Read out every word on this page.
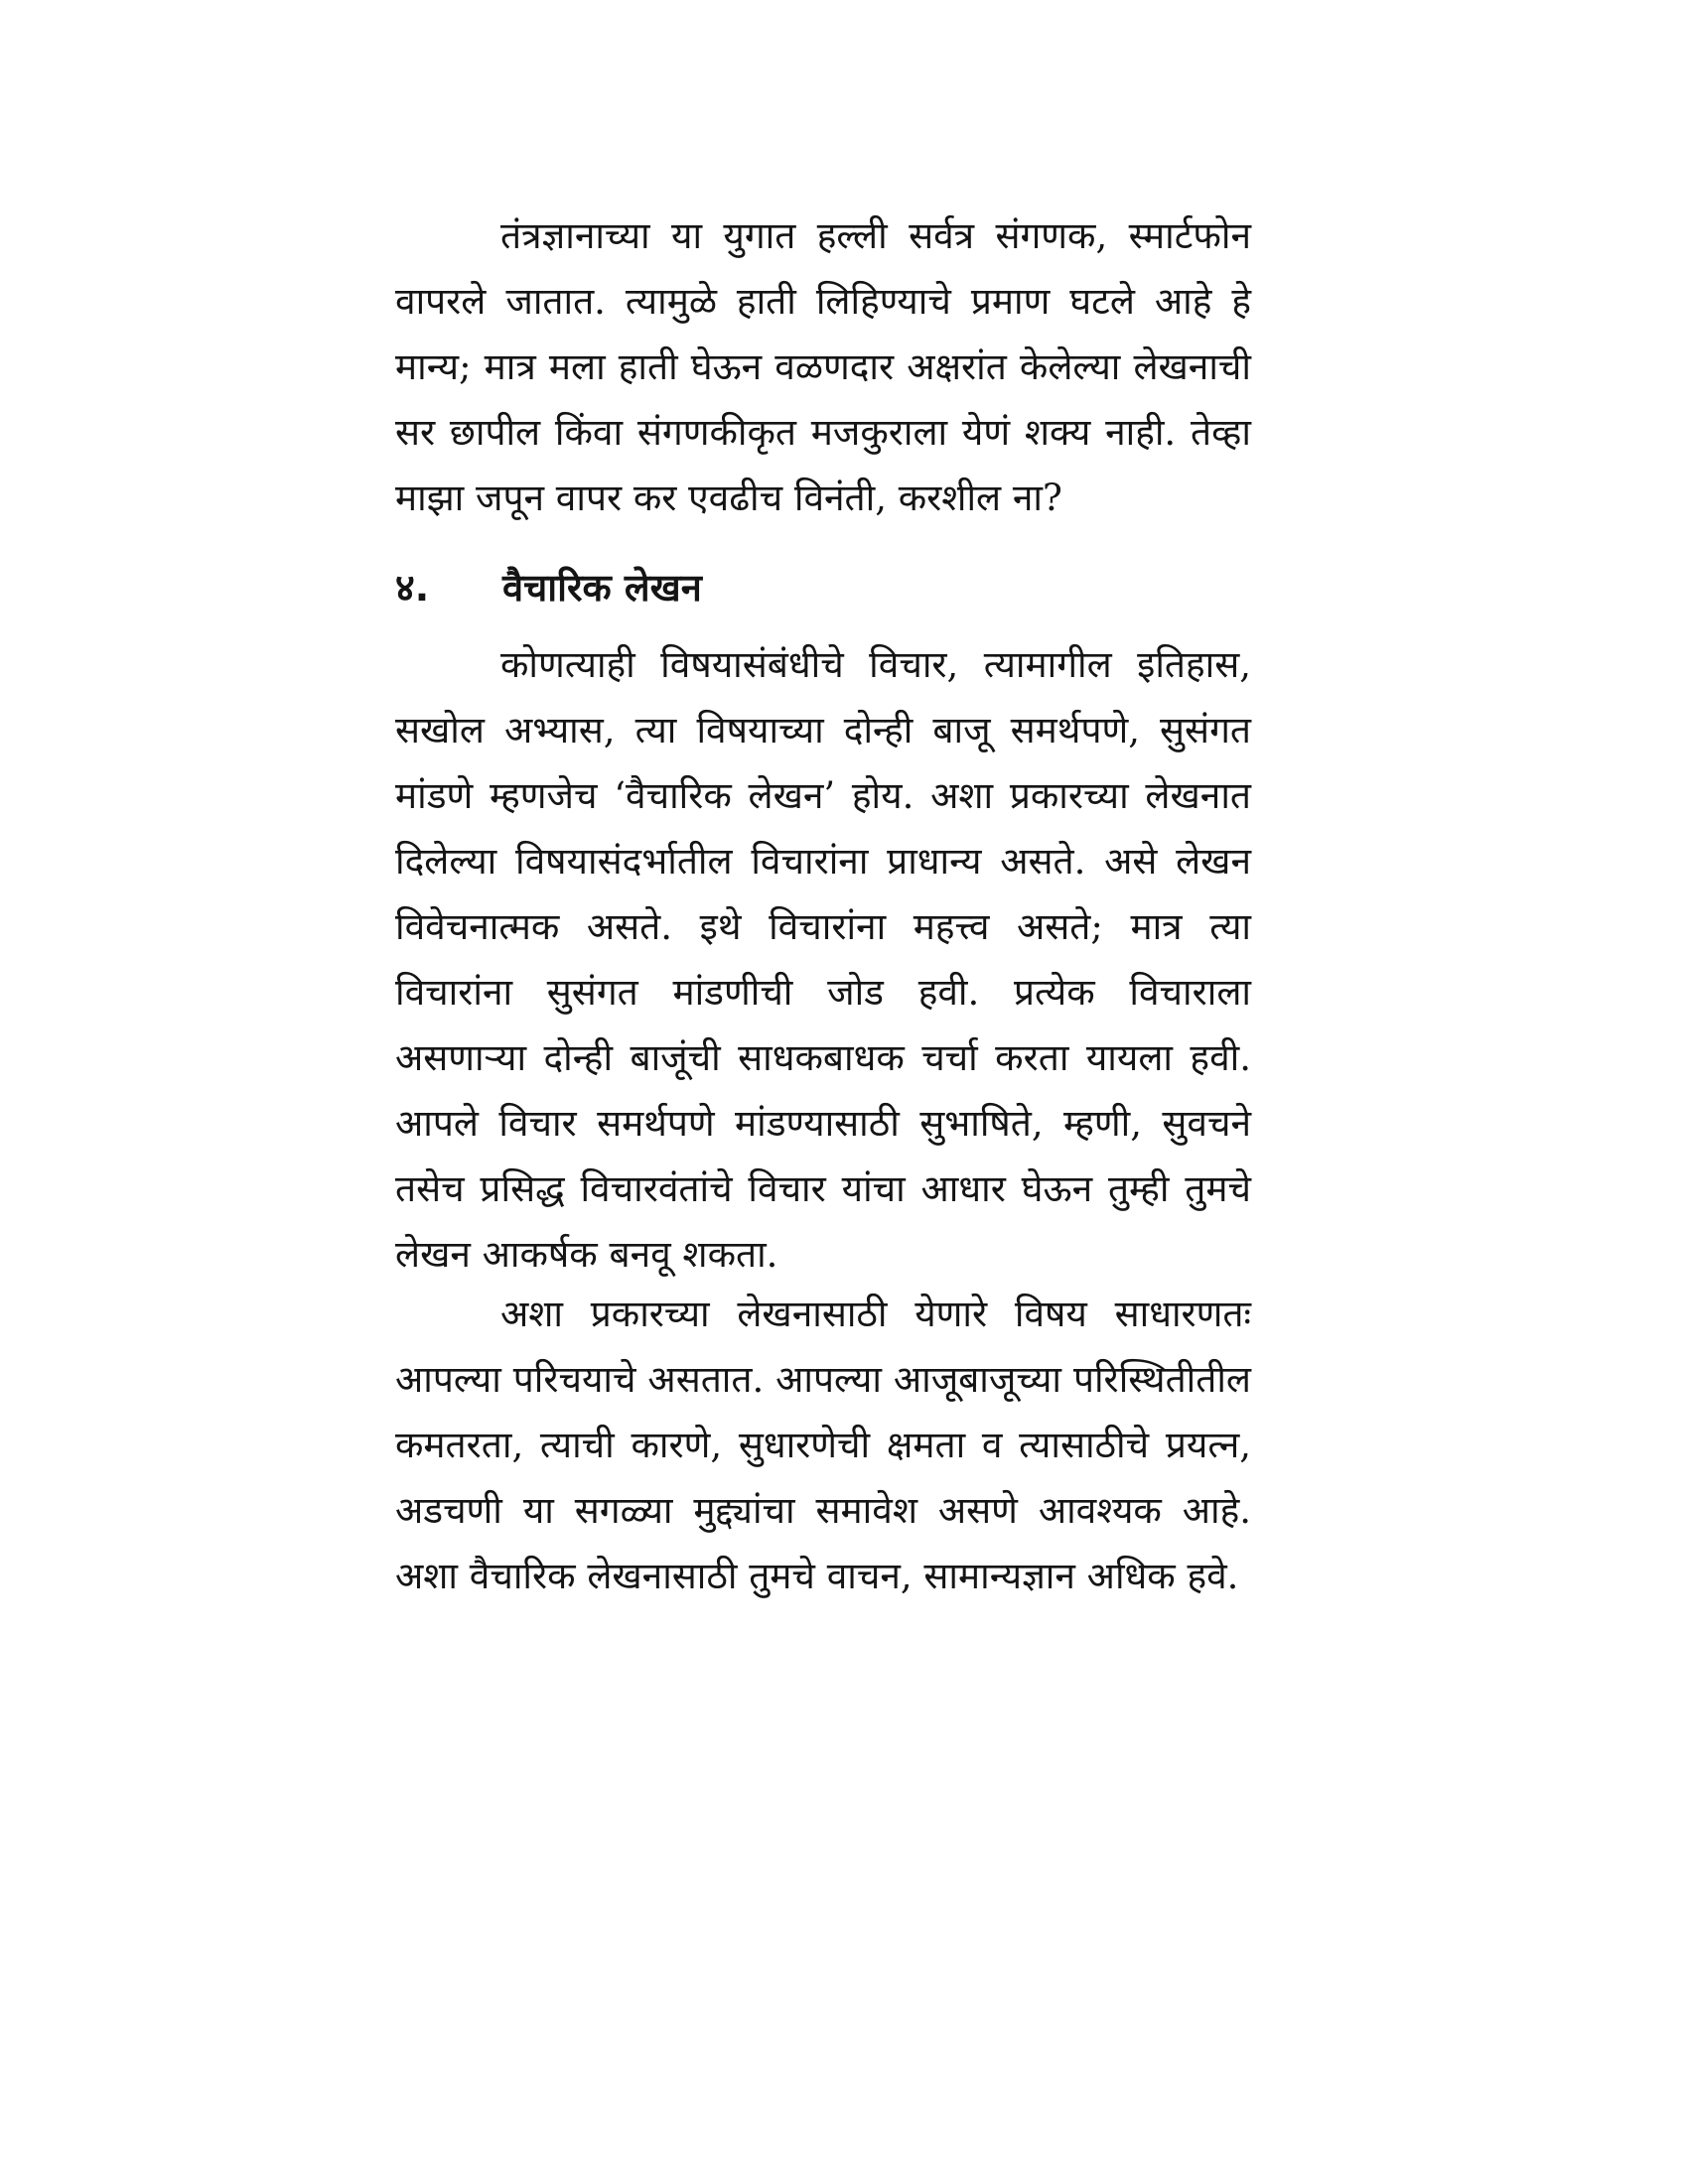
तंत्रज्ञानाच्या या युगात हल्ली सर्वत्र संगणक, स्मार्टफोन वापरले जातात. त्यामुळे हाती लिहिण्याचे प्रमाण घटले आहे हे मान्य; मात्र मला हाती घेऊन वळणदार अक्षरांत केलेल्या लेखनाची सर छापील किंवा संगणकीकृत मजकुराला येणं शक्य नाही. तेव्हा माझा जपून वापर कर एवढीच विनंती, करशील ना?

४.	वैचारिक लेखन

कोणत्याही विषयासंबंधीचे विचार, त्यामागील इतिहास, सखोल अभ्यास, त्या विषयाच्या दोन्ही बाजू समर्थपणे, सुसंगत मांडणे म्हणजेच ‘वैचारिक लेखन’ होय. अशा प्रकारच्या लेखनात दिलेल्या विषयासंदर्भातील विचारांना प्राधान्य असते. असे लेखन विवेचनात्मक असते. इथे विचारांना महत्त्व असते; मात्र त्या विचारांना सुसंगत मांडणीची जोड हवी. प्रत्येक विचाराला असणाऱ्या दोन्ही बाजूंची साधकबाधक चर्चा करता यायला हवी. आपले विचार समर्थपणे मांडण्यासाठी सुभाषिते, म्हणी, सुवचने तसेच प्रसिद्ध विचारवंतांचे विचार यांचा आधार घेऊन तुम्ही तुमचे लेखन आकर्षक बनवू शकता.

अशा प्रकारच्या लेखनासाठी येणारे विषय साधारणतः आपल्या परिचयाचे असतात. आपल्या आजूबाजूच्या परिस्थितीतील कमतरता, त्याची कारणे, सुधारणेची क्षमता व त्यासाठीचे प्रयत्न, अडचणी या सगळ्या मुद्द्यांचा समावेश असणे आवश्यक आहे. अशा वैचारिक लेखनासाठी तुमचे वाचन, सामान्यज्ञान अधिक हवे.
